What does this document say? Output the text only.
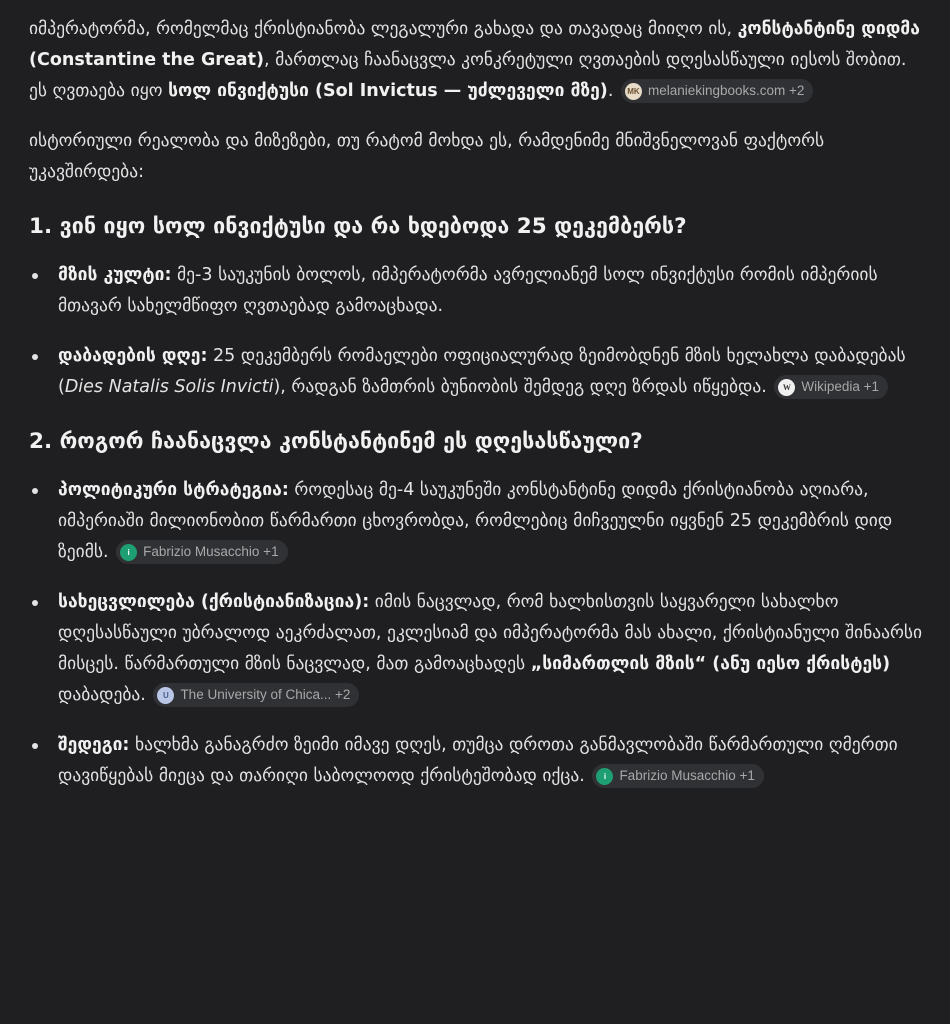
იმპერატორმა, რომელმაც ქრისტიანობა ლეგალური გახადა და თავადაც მიიღო ის, კონსტანტინე დიდმა (Constantine the Great), მართლაც ჩაანაცვლა კონკრეტული ღვთაების დღესასწაული იესოს შობით. ეს ღვთაება იყო სოლ ინვიქტუსი (Sol Invictus — უძლეველი მზე). MK melaniekingbooks.com +2

ისტორიული რეალობა და მიზეზები, თუ რატომ მოხდა ეს, რამდენიმე მნიშვნელოვან ფაქტორს უკავშირდება:

1. ვინ იყო სოლ ინვიქტუსი და რა ხდებოდა 25 დეკემბერს?
მზის კულტი: მე-3 საუკუნის ბოლოს, იმპერატორმა ავრელიანემ სოლ ინვიქტუსი რომის იმპერიის მთავარ სახელმწიფო ღვთაებად გამოაცხადა.
დაბადების დღე: 25 დეკემბერს რომაელები ოფიციალურად ზეიმობდნენ მზის ხელახლა დაბადებას (Dies Natalis Solis Invicti), რადგან ზამთრის ბუნიობის შემდეგ დღე ზრდას იწყებდა.	W Wikipedia +1
2. როგორ ჩაანაცვლა კონსტანტინემ ეს დღესასწაული?
პოლიტიკური სტრატეგია: როდესაც მე-4 საუკუნეში კონსტანტინე დიდმა ქრისტიანობა აღიარა, იმპერიაში მილიონობით წარმართი ცხოვრობდა, რომლებიც მიჩვეულნი იყვნენ 25 დეკემბრის დიდ ზეიმს.	i Fabrizio Musacchio +1
სახეცვლილება (ქრისტიანიზაცია): იმის ნაცვლად, რომ ხალხისთვის საყვარელი სახალხო დღესასწაული უბრალოდ აეკრძალათ, ეკლესიამ და იმპერატორმა მას ახალი, ქრისტიანული შინაარსი მისცეს. წარმართული მზის ნაცვლად, მათ გამოაცხადეს „სიმართლის მზის“ (ანუ იესო ქრისტეს)
დაბადება.	U The University of Chica... +2
შედეგი: ხალხმა განაგრძო ზეიმი იმავე დღეს, თუმცა დროთა განმავლობაში წარმართული ღმერთი დავიწყებას მიეცა და თარიღი საბოლოოდ ქრისტეშობად იქცა.	i Fabrizio Musacchio +1
